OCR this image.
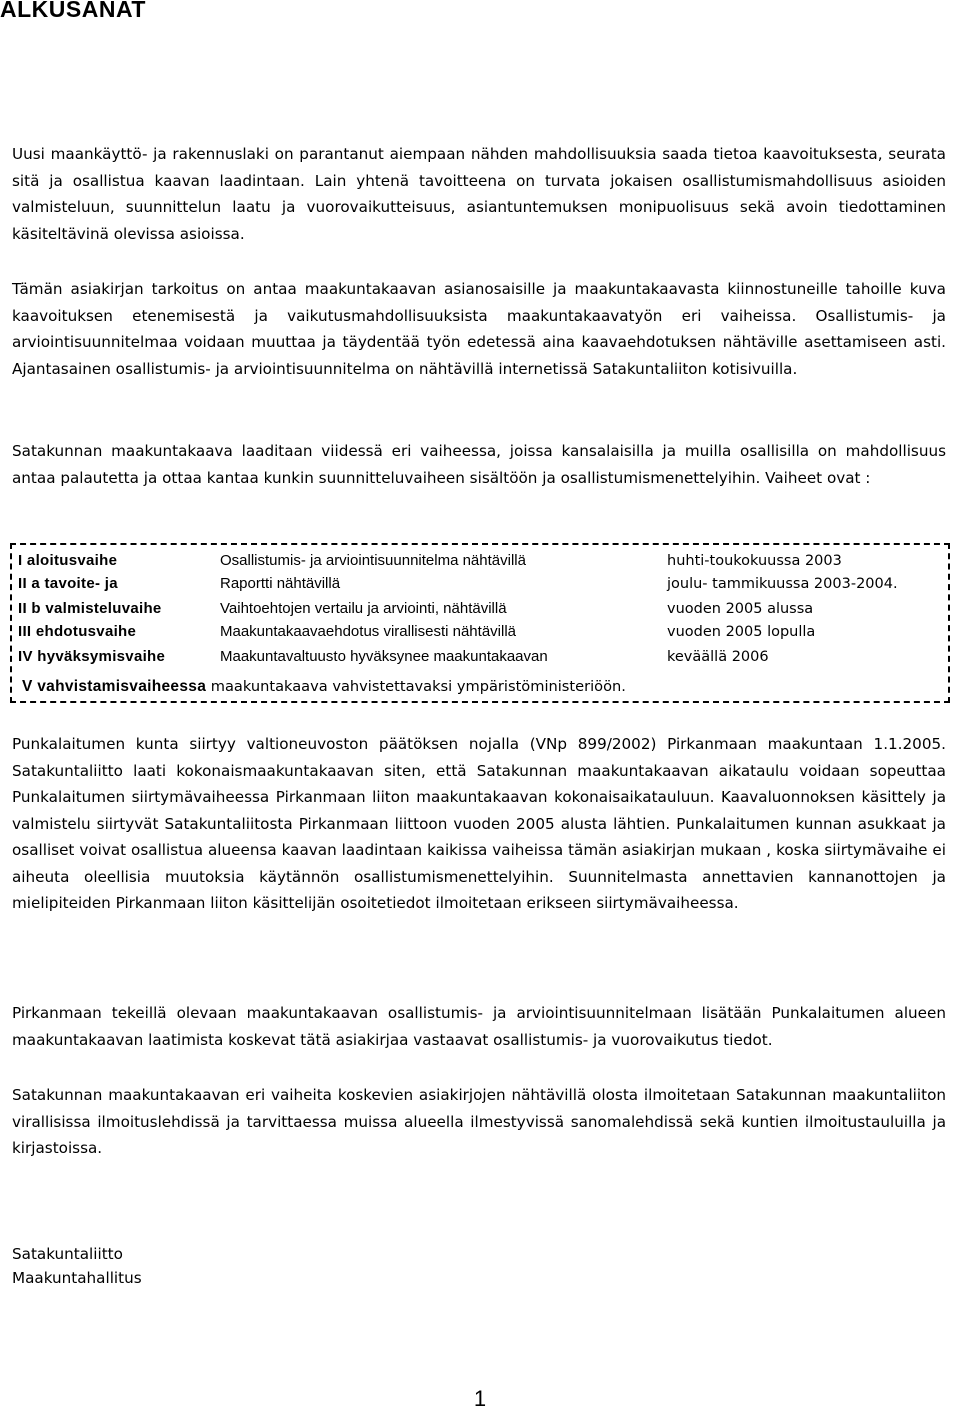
ALKUSANAT
Uusi maankäyttö- ja rakennuslaki on parantanut aiempaan nähden mahdollisuuksia saada tietoa kaavoituksesta, seurata sitä ja osallistua kaavan laadintaan. Lain yhtenä tavoitteena on turvata jokaisen osallistumismahdollisuus asioiden valmisteluun, suunnittelun laatu ja vuorovaikutteisuus, asiantuntemuksen monipuolisuus sekä avoin tiedottaminen käsiteltävinä olevissa asioissa.
Tämän asiakirjan tarkoitus on antaa maakuntakaavan asianosaisille ja maakuntakaavasta kiinnostuneille tahoille kuva kaavoituksen etenemisestä ja vaikutusmahdollisuuksista maakuntakaavatyön eri vaiheissa. Osallistumis- ja arviointisuunnitelmaa voidaan muuttaa ja täydentää työn edetessä aina kaavaehdotuksen nähtäville asettamiseen asti. Ajantasainen osallistumis- ja arviointisuunnitelma on nähtävillä internetissä Satakuntaliiton kotisivuilla.
Satakunnan maakuntakaava laaditaan viidessä eri vaiheessa, joissa kansalaisilla ja muilla osallisilla on mahdollisuus antaa palautetta ja ottaa kantaa kunkin suunnitteluvaiheen sisältöön ja osallistumismenettelyihin. Vaiheet ovat :
I aloitusvaihe	Osallistumis- ja arviointisuunnitelma nähtävillä	huhti-toukokuussa 2003
II a tavoite- ja	Raportti nähtävillä	joulu- tammikuussa 2003-2004.
II b valmisteluvaihe	Vaihtoehtojen vertailu ja arviointi, nähtävillä	vuoden 2005 alussa
III ehdotusvaihe	Maakuntakaavaehdotus virallisesti nähtävillä	vuoden 2005 lopulla
IV hyväksymisvaihe	Maakuntavaltuusto hyväksynee maakuntakaavan	keväällä 2006
V vahvistamisvaiheessa maakuntakaava vahvistettavaksi ympäristöministeriöön.
Punkalaitumen kunta siirtyy valtioneuvoston päätöksen nojalla (VNp 899/2002) Pirkanmaan maakuntaan 1.1.2005. Satakuntaliitto laati kokonaismaakuntakaavan siten, että Satakunnan maakuntakaavan aikataulu voidaan sopeuttaa Punkalaitumen siirtymävaiheessa Pirkanmaan liiton maakuntakaavan kokonaisaikatauluun. Kaavaluonnoksen käsittely ja valmistelu siirtyvät Satakuntaliitosta Pirkanmaan liittoon vuoden 2005 alusta lähtien. Punkalaitumen kunnan asukkaat ja osalliset voivat osallistua alueensa kaavan laadintaan kaikissa vaiheissa tämän asiakirjan mukaan , koska siirtymävaihe ei aiheuta oleellisia muutoksia käytännön osallistumismenettelyihin. Suunnitelmasta annettavien kannanottojen ja mielipiteiden Pirkanmaan liiton käsittelijän osoitetiedot ilmoitetaan erikseen siirtymävaiheessa.
Pirkanmaan tekeillä olevaan maakuntakaavan osallistumis- ja arviointisuunnitelmaan lisätään Punkalaitumen alueen maakuntakaavan laatimista koskevat tätä asiakirjaa vastaavat osallistumis- ja vuorovaikutus tiedot.
Satakunnan maakuntakaavan eri vaiheita koskevien asiakirjojen nähtävillä olosta ilmoitetaan Satakunnan maakuntaliiton virallisissa ilmoituslehdissä ja tarvittaessa muissa alueella ilmestyvissä sanomalehdissä sekä kuntien ilmoitustauluilla ja kirjastoissa.
Satakuntaliitto
Maakuntahallitus
1
